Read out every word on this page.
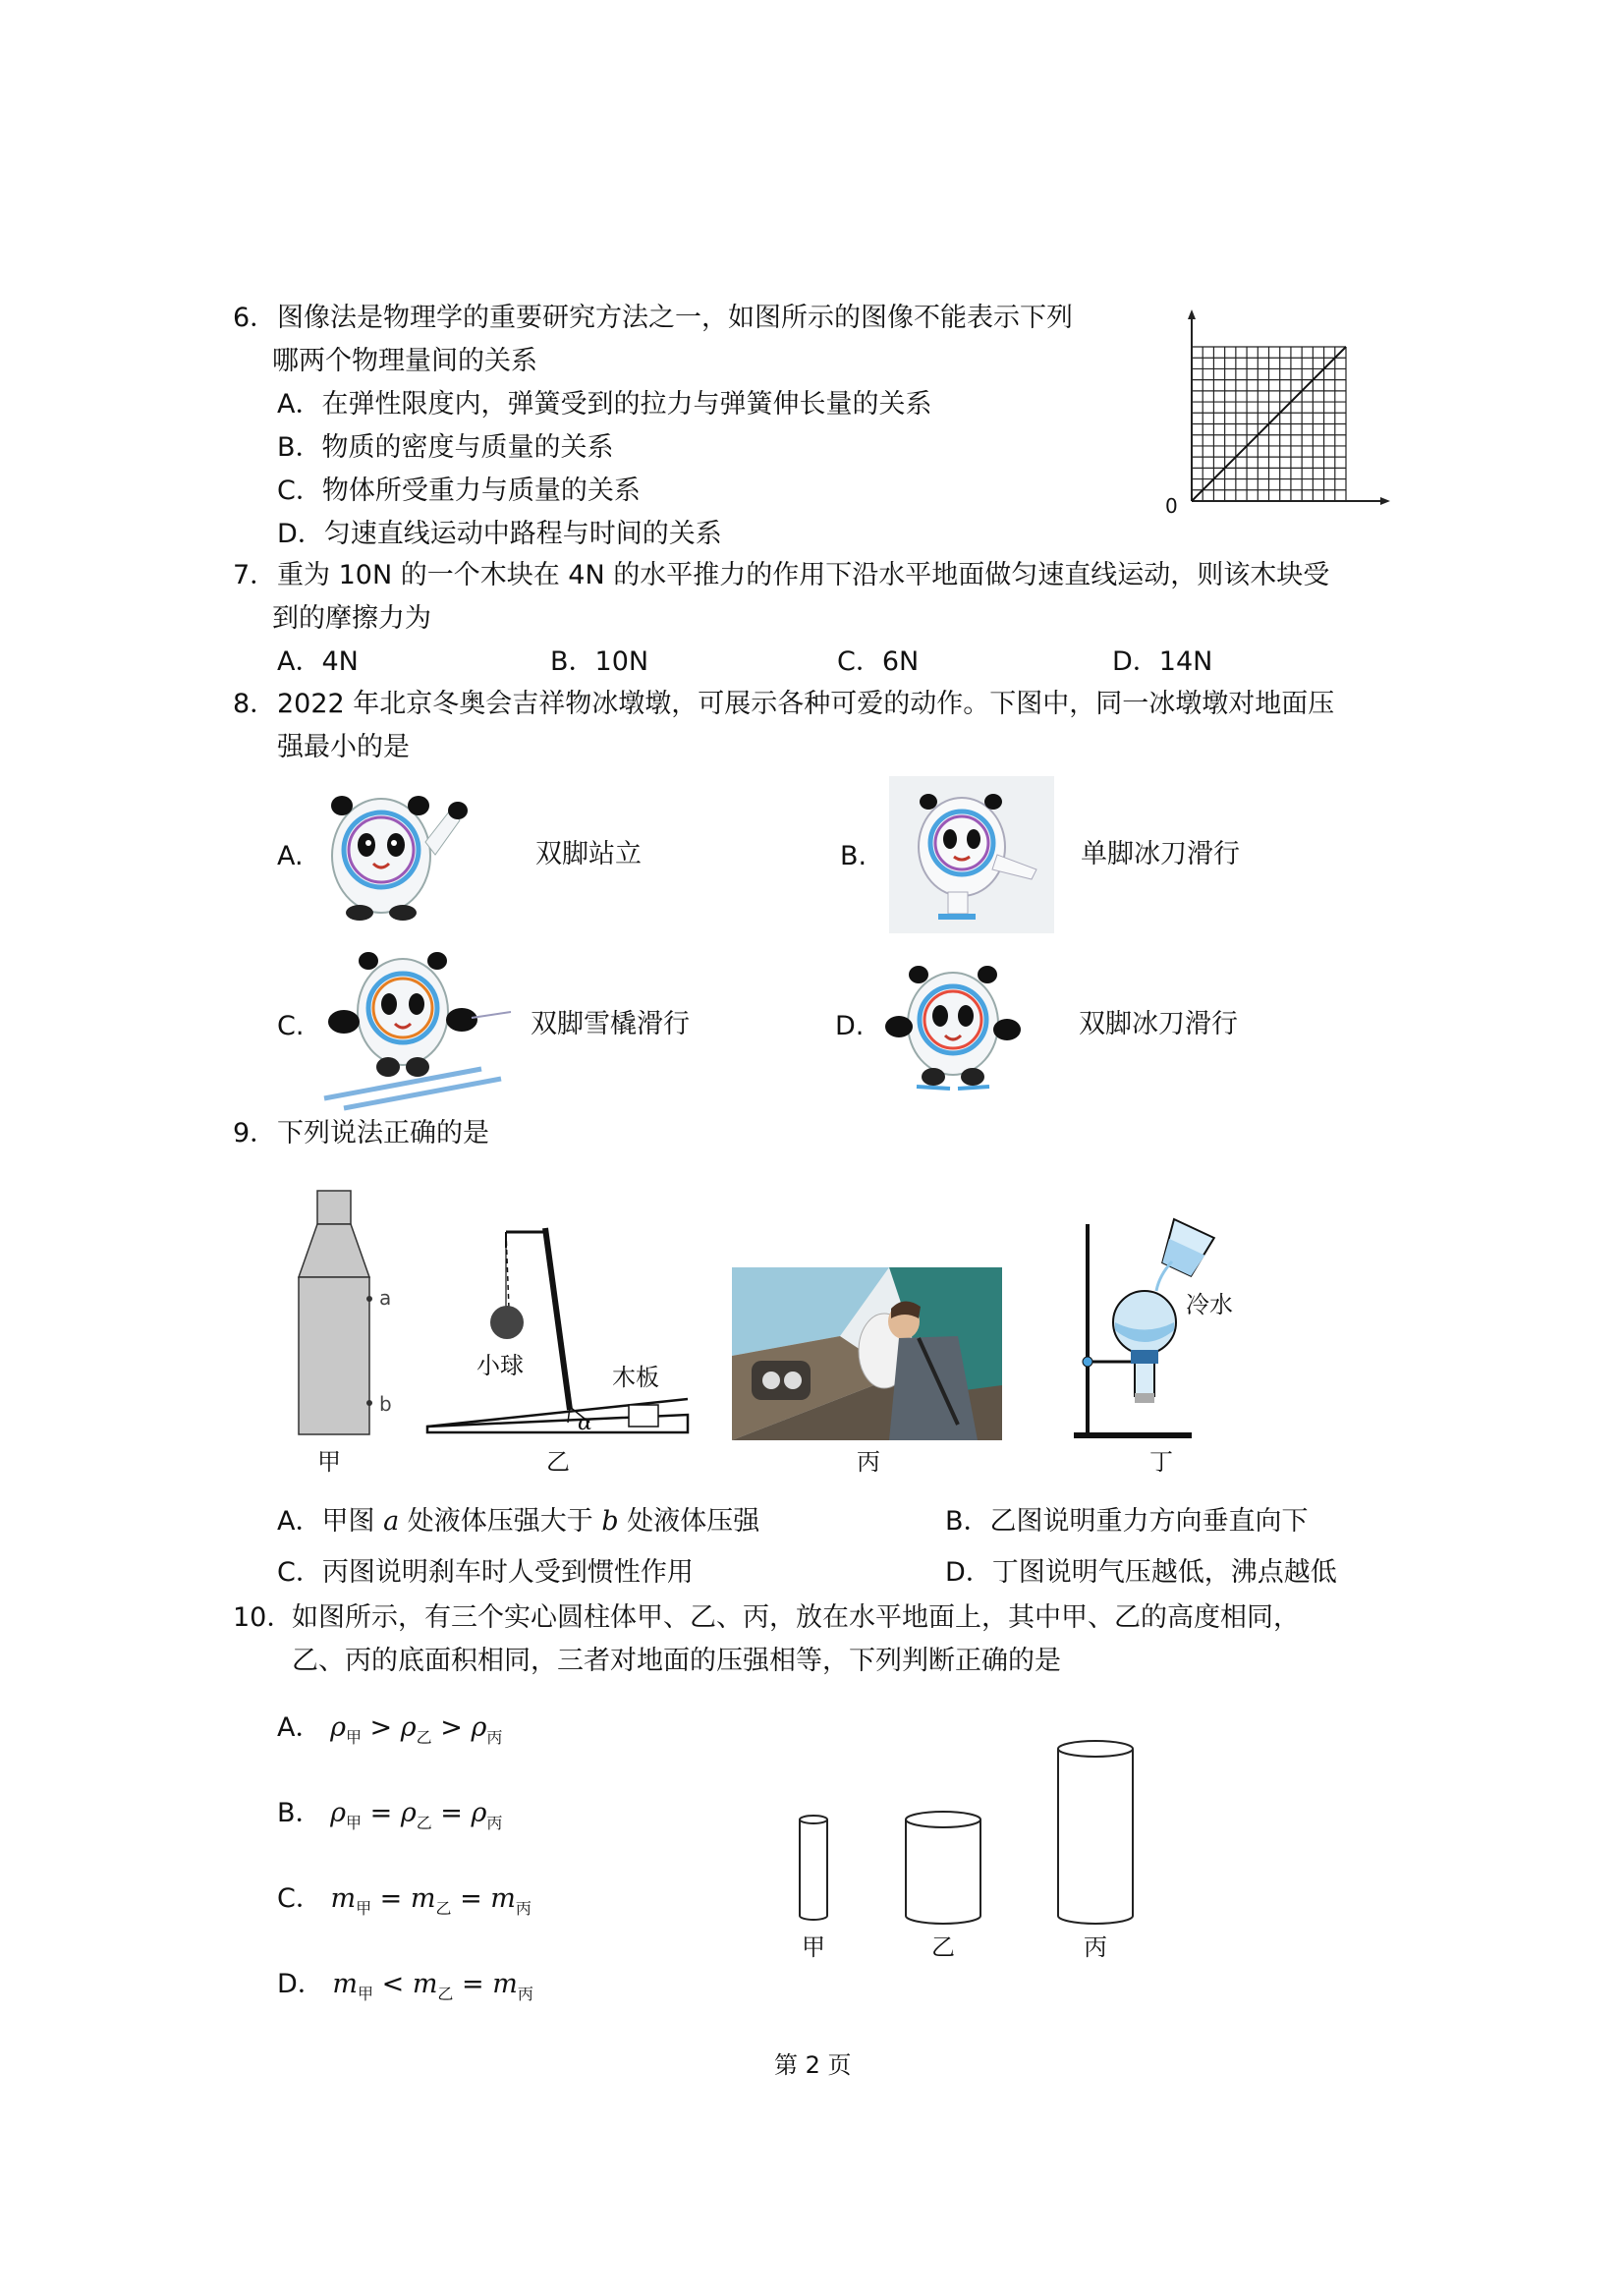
6． 图像法是物理学的重要研究方法之一，如图所示的图像不能表示下列
哪两个物理量间的关系
A．在弹性限度内，弹簧受到的拉力与弹簧伸长量的关系
B．物质的密度与质量的关系
C．物体所受重力与质量的关系
D．匀速直线运动中路程与时间的关系
0
7． 重为 10N 的一个木块在 4N 的水平推力的作用下沿水平地面做匀速直线运动，则该木块受
到的摩擦力为
A．4N	B．10N	C．6N	D．14N
8． 2022 年北京冬奥会吉祥物冰墩墩，可展示各种可爱的动作。下图中，同一冰墩墩对地面压
强最小的是
A.	双脚站立	B.	单脚冰刀滑行
C.	双脚雪橇滑行	D.	双脚冰刀滑行
9． 下列说法正确的是
a
b
甲
小球	木板
α
乙	丙
冷水
丁
A．甲图 a 处液体压强大于 b 处液体压强	B．乙图说明重力方向垂直向下
C．丙图说明刹车时人受到惯性作用	D．丁图说明气压越低，沸点越低
10．
如图所示，有三个实心圆柱体甲、乙、丙，放在水平地面上，其中甲、乙的高度相同，
乙、丙的底面积相同，三者对地面的压强相等，下列判断正确的是
A． $\rho_甲 > \rho_乙 > \rho_丙$
B． $\rho_甲 = \rho_乙 = \rho_丙$
C． $m_甲 = m_乙 = m_丙$
D． $m_甲 < m_乙 = m_丙$
甲	乙	丙
第 2 页
